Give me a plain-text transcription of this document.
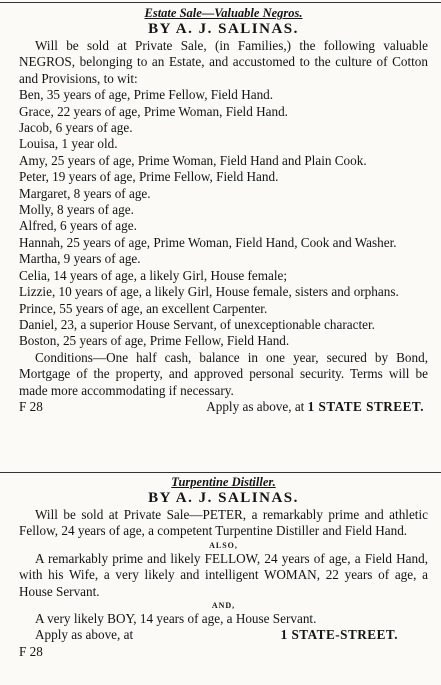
Estate Sale—Valuable Negros.

BY A. J. SALINAS.

Will be sold at Private Sale, (in Families,) the following valuable NEGROS, belonging to an Estate, and accustomed to the culture of Cotton and Provisions, to wit:

Ben, 35 years of age, Prime Fellow, Field Hand.

Grace, 22 years of age, Prime Woman, Field Hand.

Jacob, 6 years of age.

Louisa, 1 year old.

Amy, 25 years of age, Prime Woman, Field Hand and Plain Cook.

Peter, 19 years of age, Prime Fellow, Field Hand.

Margaret, 8 years of age.

Molly, 8 years of age.

Alfred, 6 years of age.

Hannah, 25 years of age, Prime Woman, Field Hand, Cook and Washer.

Martha, 9 years of age.

Celia, 14 years of age, a likely Girl, House female;

Lizzie, 10 years of age, a likely Girl, House female, sisters and orphans.

Prince, 55 years of age, an excellent Carpenter.

Daniel, 23, a superior House Servant, of unexceptionable character.

Boston, 25 years of age, Prime Fellow, Field Hand.

Conditions—One half cash, balance in one year, secured by Bond, Mortgage of the property, and approved personal security. Terms will be made more accommodating if necessary.

F 28	Apply as above, at 1 STATE STREET.

Turpentine Distiller.

BY A. J. SALINAS.

Will be sold at Private Sale—PETER, a remarkably prime and athletic Fellow, 24 years of age, a competent Turpentine Distiller and Field Hand.

ALSO,

A remarkably prime and likely FELLOW, 24 years of age, a Field Hand, with his Wife, a very likely and intelligent WOMAN, 22 years of age, a House Servant.

AND,

A very likely BOY, 14 years of age, a House Servant.

Apply as above, at	1 STATE-STREET.

F 28
